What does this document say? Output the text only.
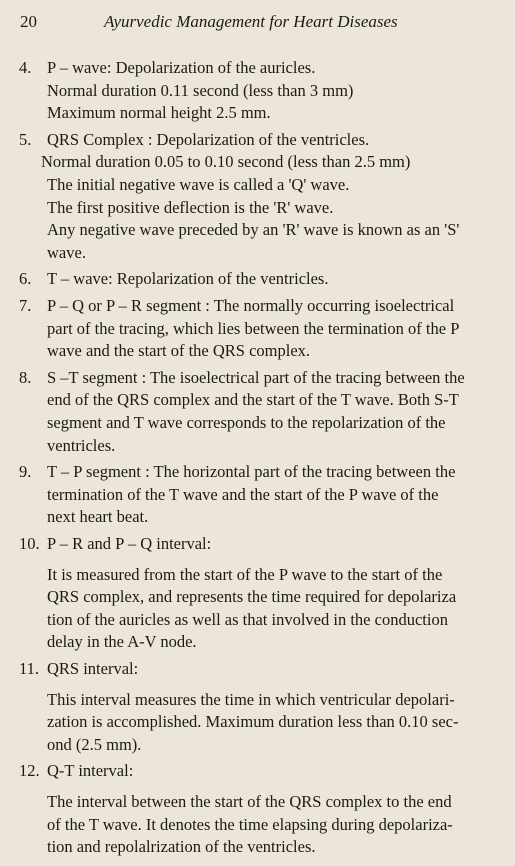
20	Ayurvedic Management for Heart Diseases
4. P – wave: Depolarization of the auricles.
Normal duration 0.11 second (less than 3 mm)
Maximum normal height 2.5 mm.
5. QRS Complex : Depolarization of the ventricles.
Normal duration 0.05 to 0.10 second (less than 2.5 mm)
The initial negative wave is called a 'Q' wave.
The first positive deflection is the 'R' wave.
Any negative wave preceded by an 'R' wave is known as an 'S'
wave.
6. T – wave: Repolarization of the ventricles.
7. P – Q or P – R segment : The normally occurring isoelectrical
part of the tracing, which lies between the termination of the P
wave and the start of the QRS complex.
8. S –T segment : The isoelectrical part of the tracing between the
end of the QRS complex and the start of the T wave. Both S-T
segment and T wave corresponds to the repolarization of the
ventricles.
9. T – P segment : The horizontal part of the tracing between the
termination of the T wave and the start of the P wave of the
next heart beat.
10. P – R and P – Q interval:
It is measured from the start of the P wave to the start of the
QRS complex, and represents the time required for depolariza
tion of the auricles as well as that involved in the conduction
delay in the A-V node.
11. QRS interval:
This interval measures the time in which ventricular depolari-
zation is accomplished. Maximum duration less than 0.10 sec-
ond (2.5 mm).
12. Q-T interval:
The interval between the start of the QRS complex to the end
of the T wave. It denotes the time elapsing during depolariza-
tion and repolalrization of the ventricles.
